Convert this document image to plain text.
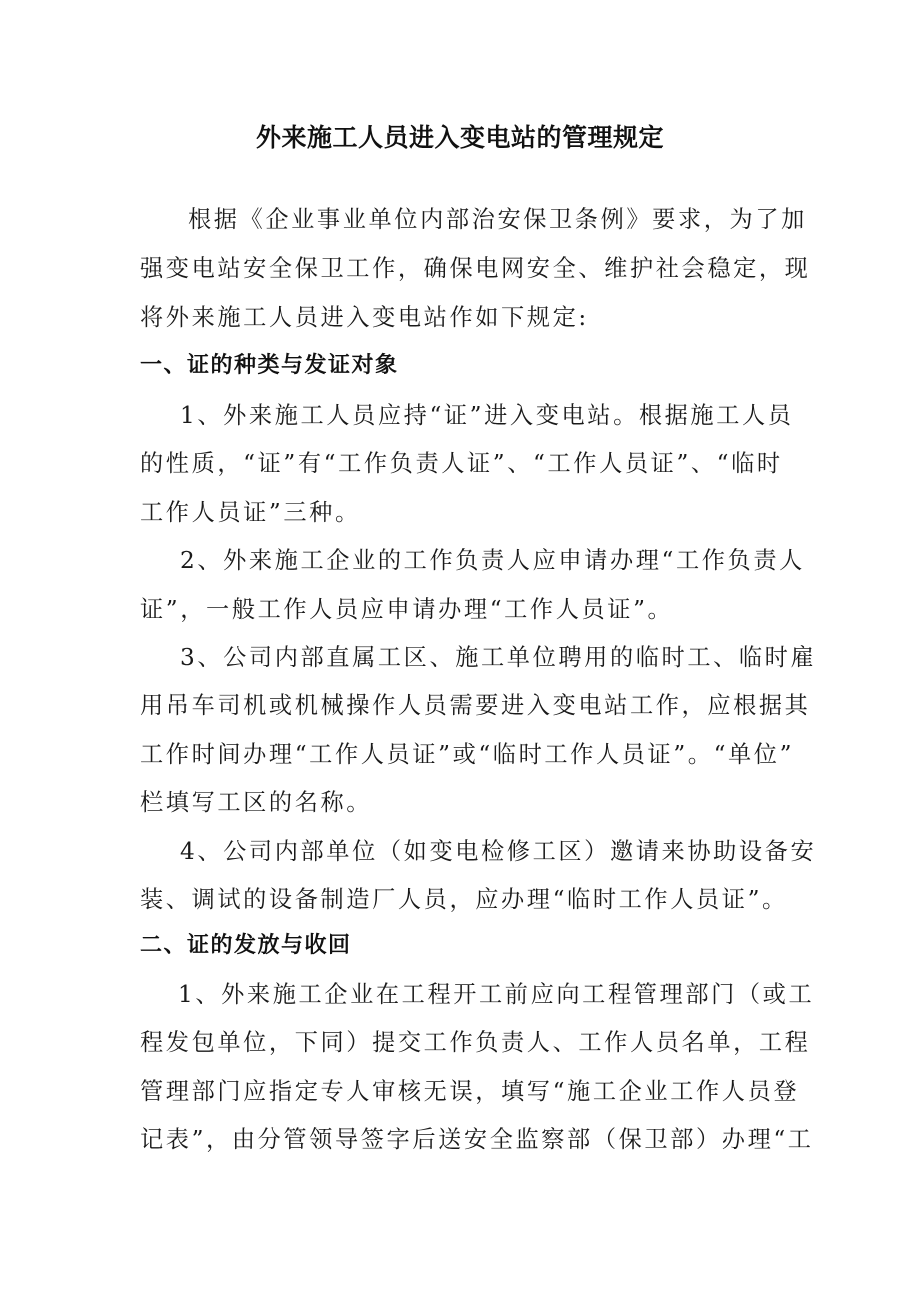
外来施工人员进入变电站的管理规定
根据《企业事业单位内部治安保卫条例》要求，为了加
强变电站安全保卫工作，确保电网安全、维护社会稳定，现
将外来施工人员进入变电站作如下规定:
一、证的种类与发证对象
1、外来施工人员应持“证”进入变电站。根据施工人员
的性质，“证”有“工作负责人证”、“工作人员证”、“临时
工作人员证”三种。
2、外来施工企业的工作负责人应申请办理“工作负责人
证”，一般工作人员应申请办理“工作人员证”。
3、公司内部直属工区、施工单位聘用的临时工、临时雇
用吊车司机或机械操作人员需要进入变电站工作，应根据其
工作时间办理“工作人员证”或“临时工作人员证”。“单位”
栏填写工区的名称。
4、公司内部单位（如变电检修工区）邀请来协助设备安
装、调试的设备制造厂人员，应办理“临时工作人员证”。
二、证的发放与收回
1、外来施工企业在工程开工前应向工程管理部门（或工
程发包单位，下同）提交工作负责人、工作人员名单，工程
管理部门应指定专人审核无误，填写“施工企业工作人员登
记表”，由分管领导签字后送安全监察部（保卫部）办理“工
